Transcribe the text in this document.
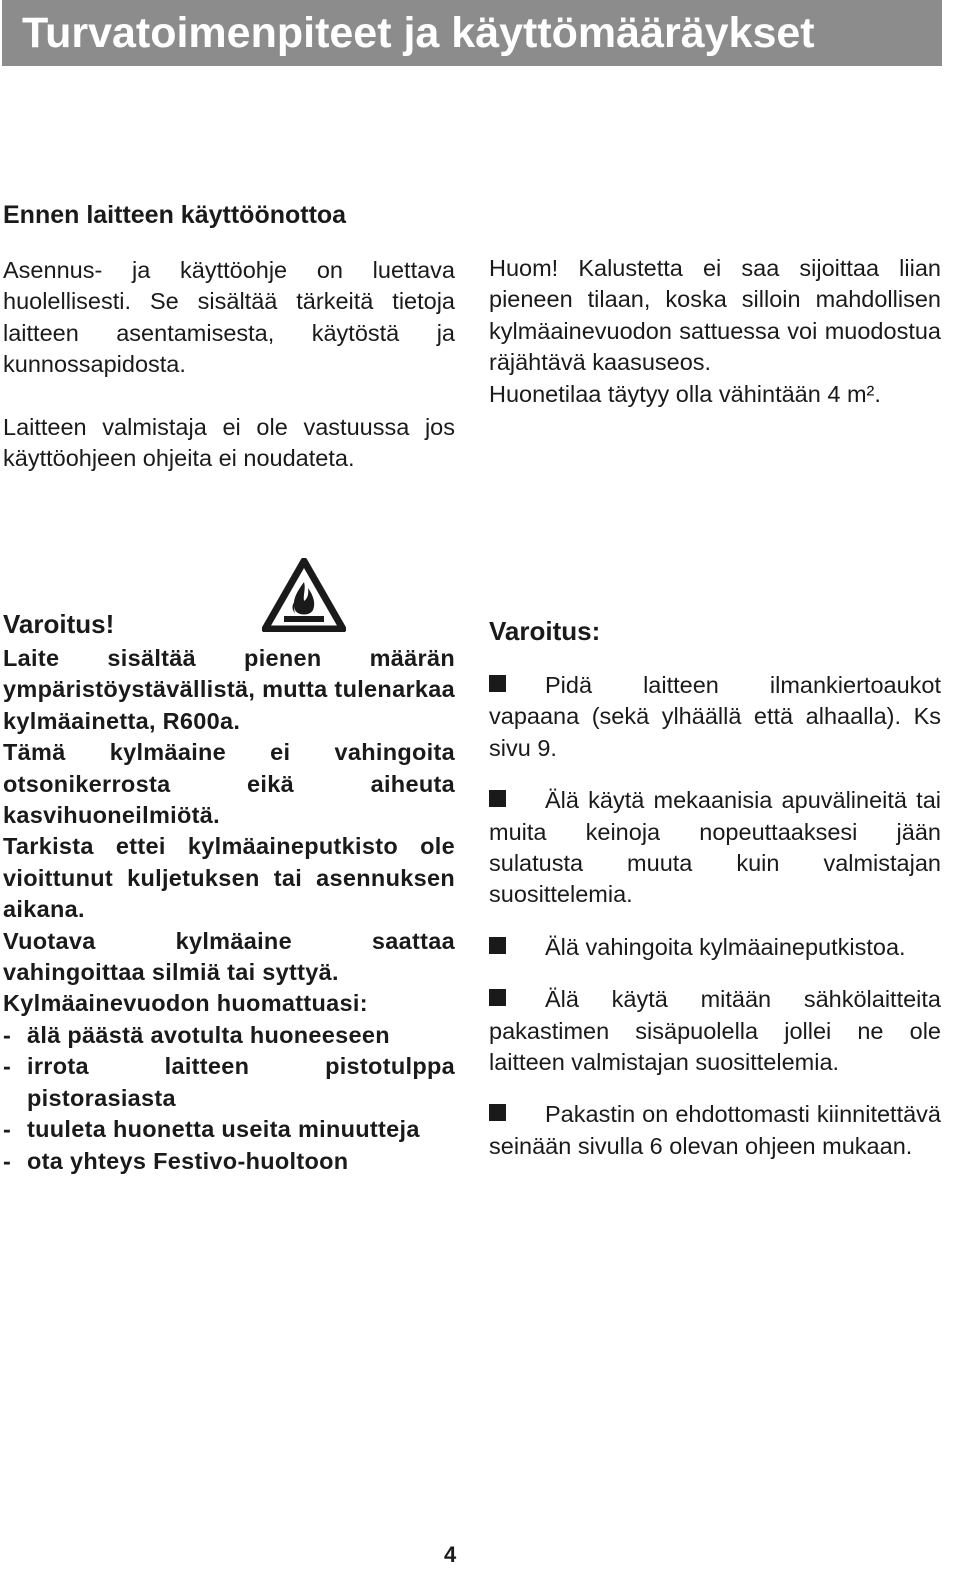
Turvatoimenpiteet ja käyttömääräykset
Ennen laitteen käyttöönottoa

Asennus- ja käyttöohje on luettava huolellisesti. Se sisältää tärkeitä tietoja laitteen asentamisesta, käytöstä ja kunnossapidosta.

Laitteen valmistaja ei ole vastuussa jos käyttöohjeen ohjeita ei noudateta.

Huom! Kalustetta ei saa sijoittaa liian pieneen tilaan, koska silloin mahdollisen kylmäainevuodon sattuessa voi muodostua räjähtävä kaasuseos.

Huonetilaa täytyy olla vähintään 4 m².

Varoitus!

Laite sisältää pienen määrän ympäristöystävällistä, mutta tulenarkaa kylmäainetta, R600a.

Tämä kylmäaine ei vahingoita otsonikerrosta eikä aiheuta kasvihuoneilmiötä.

Tarkista ettei kylmäaineputkisto ole vioittunut kuljetuksen tai asennuksen aikana.

Vuotava kylmäaine saattaa vahingoittaa silmiä tai syttyä.

Kylmäainevuodon huomattuasi:

- älä päästä avotulta huoneeseen
- irrota laitteen pistotulppa pistorasiasta
- tuuleta huonetta useita minuutteja
- ota yhteys Festivo-huoltoon
Varoitus:

Pidä laitteen ilmankiertoaukot vapaana (sekä ylhäällä että alhaalla). Ks sivu 9.

Älä käytä mekaanisia apuvälineitä tai muita keinoja nopeuttaaksesi jään sulatusta muuta kuin valmistajan suosittelemia.

Älä vahingoita kylmäaineputkistoa.

Älä käytä mitään sähkölaitteita pakastimen sisäpuolella jollei ne ole laitteen valmistajan suosittelemia.

Pakastin on ehdottomasti kiinnitettävä seinään sivulla 6 olevan ohjeen mukaan.

4
